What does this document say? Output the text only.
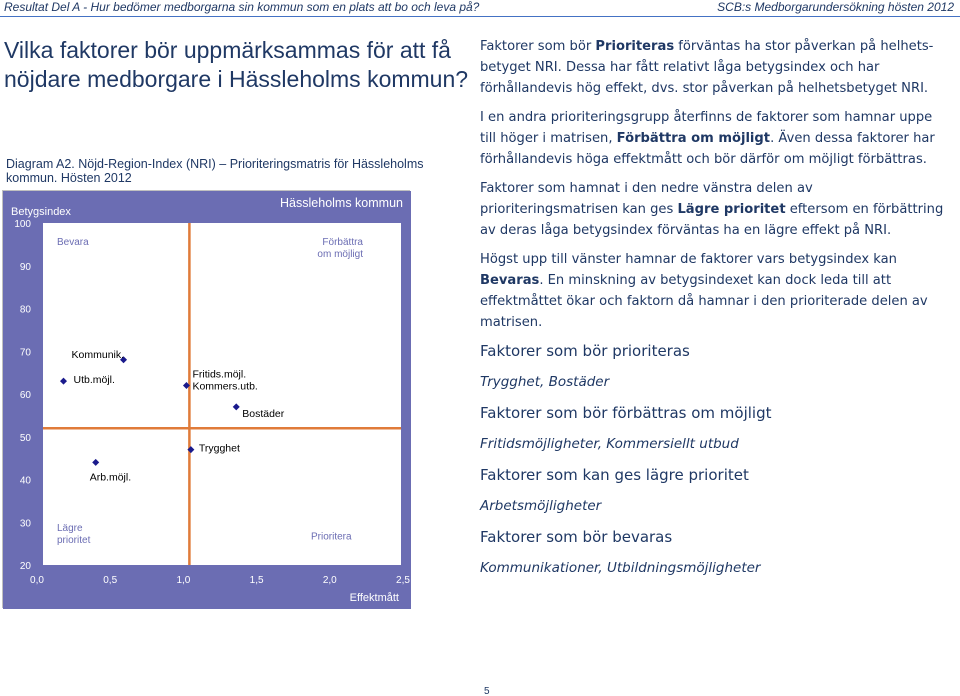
Resultat Del A - Hur bedömer medborgarna sin kommun som en plats att bo och leva på?	SCB:s Medborgarundersökning hösten 2012
Vilka faktorer bör uppmärksammas för att få nöjdare medborgare i Hässleholms kommun?
Diagram A2. Nöjd-Region-Index (NRI) – Prioriteringsmatris för Hässleholms kommun. Hösten 2012
Hässleholms kommun
Betygsindex
Effektmått
20
30
40
50
60
70
80
90
100
0,0	0,5	1,0	1,5	2,0	2,5
Bevara	Förbättra
om möjligt
Lägre
prioritet	Prioritera
Kommunik.
Utb.möjl.
Arb.möjl.
Fritids.möjl.
Kommers.utb.
Bostäder
Trygghet

Faktorer som bör Prioriteras förväntas ha stor påverkan på helhets-betyget NRI. Dessa har fått relativt låga betygsindex och har förhållandevis hög effekt, dvs. stor påverkan på helhetsbetyget NRI.

I en andra prioriteringsgrupp återfinns de faktorer som hamnar uppe till höger i matrisen, Förbättra om möjligt. Även dessa faktorer har förhållandevis höga effektmått och bör därför om möjligt förbättras.

Faktorer som hamnat i den nedre vänstra delen av prioriteringsmatrisen kan ges Lägre prioritet eftersom en förbättring av deras låga betygsindex förväntas ha en lägre effekt på NRI.

Högst upp till vänster hamnar de faktorer vars betygsindex kan Bevaras. En minskning av betygsindexet kan dock leda till att effektmåttet ökar och faktorn då hamnar i den prioriterade delen av matrisen.

Faktorer som bör prioriteras
Trygghet, Bostäder
Faktorer som bör förbättras om möjligt
Fritidsmöjligheter, Kommersiellt utbud
Faktorer som kan ges lägre prioritet
Arbetsmöjligheter
Faktorer som bör bevaras
Kommunikationer, Utbildningsmöjligheter
5
